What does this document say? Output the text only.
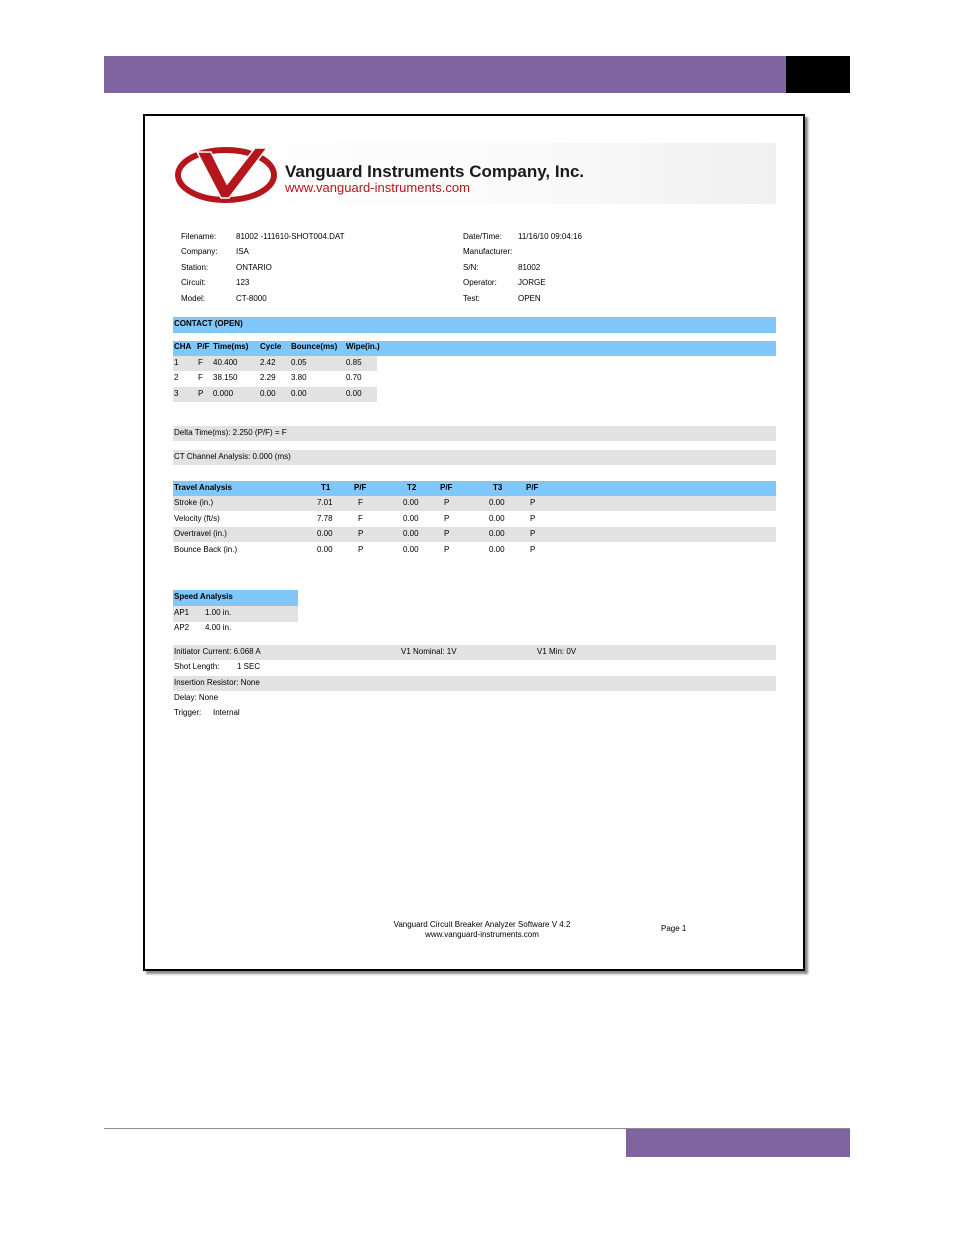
Vanguard Instruments Company, Inc.
www.vanguard-instruments.com
Filename: 81002 -111610-SHOT004.DAT
Company: ISA
Station:	ONTARIO
Circuit:	123
Model:	CT-8000
Date/Time: 11/16/10 09:04:16
Manufacturer:
S/N:	81002
Operator:	JORGE
Test:	OPEN
CONTACT (OPEN)
CHA P/F Time(ms) Cycle Bounce(ms) Wipe(in.)
1 F 40.400	2.42 0.05	0.85
2 F 38.150	2.29 3.80	0.70
3 P 0.000	0.00 0.00	0.00
Delta Time(ms): 2.250 (P/F) = F
CT Channel Analysis: 0.000 (ms)
Travel Analysis	T1	P/F	T2	P/F	T3	P/F
Stroke (in.)	7.01	F	0.00	P	0.00	P
Velocity (ft/s)	7.78	F	0.00	P	0.00	P
Overtravel (in.)	0.00	P	0.00	P	0.00	P
Bounce Back (in.)	0.00	P	0.00	P	0.00	P
Speed Analysis
AP1 1.00 in.
AP2 4.00 in.
Initiator Current: 6.068 A	V1 Nominal: 1V	V1 Min: 0V
Shot Length: 1 SEC
Insertion Resistor: None
Delay: None
Trigger: Internal
Vanguard Circuit Breaker Analyzer Software V 4.2
www.vanguard-instruments.com
Page 1
